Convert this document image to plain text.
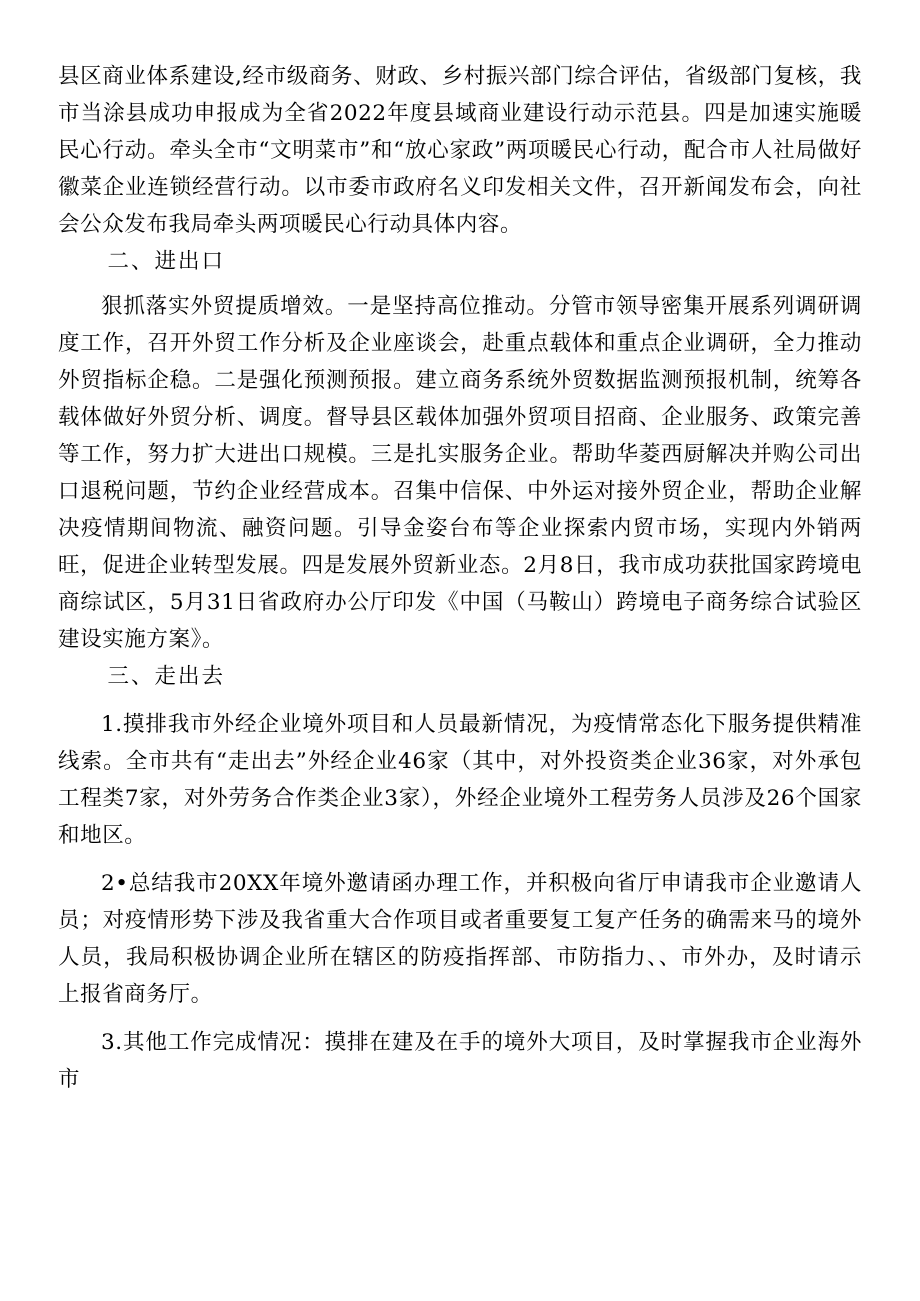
县区商业体系建设,经市级商务、财政、乡村振兴部门综合评估，省级部门复核，我市当涂县成功申报成为全省2022年度县域商业建设行动示范县。四是加速实施暖民心行动。牵头全市“文明菜市”和“放心家政”两项暖民心行动，配合市人社局做好徽菜企业连锁经营行动。以市委市政府名义印发相关文件，召开新闻发布会，向社会公众发布我局牵头两项暖民心行动具体内容。

二、进出口

狠抓落实外贸提质增效。一是坚持高位推动。分管市领导密集开展系列调研调度工作，召开外贸工作分析及企业座谈会，赴重点载体和重点企业调研，全力推动外贸指标企稳。二是强化预测预报。建立商务系统外贸数据监测预报机制，统筹各载体做好外贸分析、调度。督导县区载体加强外贸项目招商、企业服务、政策完善等工作，努力扩大进出口规模。三是扎实服务企业。帮助华菱西厨解决并购公司出口退税问题，节约企业经营成本。召集中信保、中外运对接外贸企业，帮助企业解决疫情期间物流、融资问题。引导金姿台布等企业探索内贸市场，实现内外销两旺，促进企业转型发展。四是发展外贸新业态。2月8日，我市成功获批国家跨境电商综试区，5月31日省政府办公厅印发《中国（马鞍山）跨境电子商务综合试验区建设实施方案》。

三、走出去

1.摸排我市外经企业境外项目和人员最新情况，为疫情常态化下服务提供精准线索。全市共有“走出去”外经企业46家（其中，对外投资类企业36家，对外承包工程类7家，对外劳务合作类企业3家），外经企业境外工程劳务人员涉及26个国家和地区。

2•总结我市20XX年境外邀请函办理工作，并积极向省厅申请我市企业邀请人员；对疫情形势下涉及我省重大合作项目或者重要复工复产任务的确需来马的境外人员，我局积极协调企业所在辖区的防疫指挥部、市防指力、、市外办，及时请示上报省商务厅。

3.其他工作完成情况：摸排在建及在手的境外大项目，及时掌握我市企业海外市
